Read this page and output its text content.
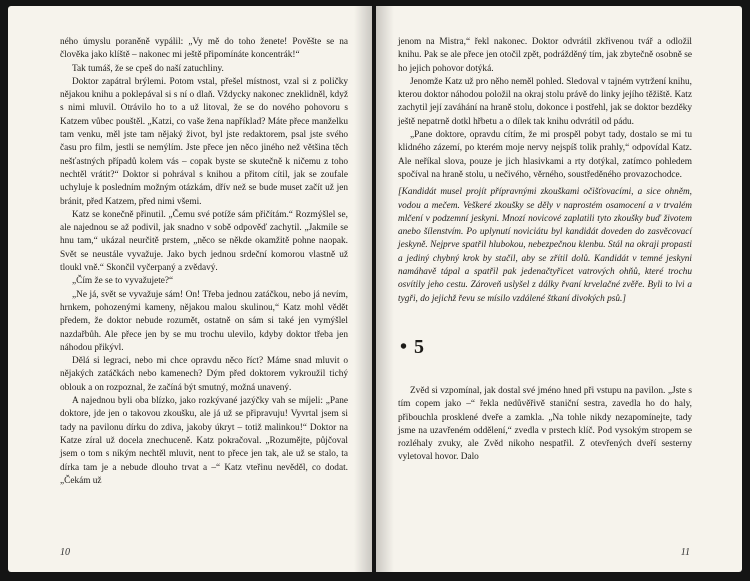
ného úmyslu poraněně vypálil: „Vy mě do toho ženete! Pověšte se na člověka jako klíště – nakonec mi ještě připomínáte koncentrák!“

Tak tumáš, že se cpeš do naší zatuchliny.

Doktor zapátral brýlemi. Potom vstal, přešel místnost, vzal si z poličky nějakou knihu a poklepával si s ní o dlaň. Vždycky nakonec zneklidněl, když s nimi mluvil. Otrávilo ho to a už litoval, že se do nového pohovoru s Katzem vůbec pouštěl. „Katzi, co vaše žena například? Máte přece manželku tam venku, měl jste tam nějaký život, byl jste redaktorem, psal jste svého času pro film, jestli se nemýlím. Jste přece jen něco jiného než většina těch nešťastných případů kolem vás – copak byste se skutečně k ničemu z toho nechtěl vrátit?“ Doktor si pohrával s knihou a přitom cítil, jak se zoufale uchyluje k posledním možným otázkám, dřív než se bude muset začít už jen bránit, před Katzem, před nimi všemi.

Katz se konečně přinutil. „Čemu své potíže sám přičítám.“ Rozmýšlel se, ale najednou se až podivil, jak snadno v sobě odpověď zachytil. „Jakmile se hnu tam,“ ukázal neurčitě prstem, „něco se někde okamžitě pohne naopak. Svět se neustále vyvažuje. Jako bych jednou srdeční komorou vlastně už tloukl vně.“ Skončil vyčerpaný a zvědavý.

„Čím že se to vyvažujete?“

„Ne já, svět se vyvažuje sám! On! Třeba jednou zatáčkou, nebo já nevím, hrnkem, pohozenými kameny, nějakou malou skulinou,“ Katz mohl vědět předem, že doktor nebude rozumět, ostatně on sám si také jen vymýšlel nazdařbůh. Ale přece jen by se mu trochu ulevilo, kdyby doktor třeba jen náhodou přikývl.

Dělá si legraci, nebo mi chce opravdu něco říct? Máme snad mluvit o nějakých zatáčkách nebo kamenech? Dým před doktorem vykroužil tichý oblouk a on rozpoznal, že začíná být smutný, možná unavený.

A najednou byli oba blízko, jako rozkývané jazýčky vah se míjeli: „Pane doktore, jde jen o takovou zkoušku, ale já už se připravuju! Vyvrtal jsem si tady na pavilonu dírku do zdiva, jakoby úkryt – totiž malinkou!“ Doktor na Katze zíral už docela znechuceně. Katz pokračoval. „Rozumějte, půjčoval jsem o tom s nikým nechtěl mluvit, nent to přece jen tak, ale už se stalo, ta dírka tam je a nebude dlouho trvat a –“ Katz vteřinu nevěděl, co dodat. „Čekám už

10

jenom na Mistra,“ řekl nakonec. Doktor odvrátil zkřivenou tvář a odložil knihu. Pak se ale přece jen otočil zpět, podrážděný tím, jak zbytečně osobně se ho jejich pohovor dotýká.

Jenomže Katz už pro něho neměl pohled. Sledoval v tajném vytržení knihu, kterou doktor náhodou položil na okraj stolu právě do linky jejího těžiště. Katz zachytil její zaváhání na hraně stolu, dokonce i postřehl, jak se doktor bezděky ještě nepatrně dotkl hřbetu a o dílek tak knihu odvrátil od pádu.

„Pane doktore, opravdu cítím, že mi prospěl pobyt tady, dostalo se mi tu klidného zázemí, po kterém moje nervy nejspíš tolik prahly,“ odpovídal Katz. Ale neříkal slova, pouze je jich hlasivkami a rty dotýkal, zatímco pohledem spočíval na hraně stolu, u nečivého, věrného, soustředěného provazochodce.

[Kandidát musel projít přípravnými zkouškami očišťovacími, a sice ohněm, vodou a mečem. Veškeré zkoušky se děly v naprostém osamocení a v trvalém mlčení v podzemní jeskyni. Mnozí novicové zaplatili tyto zkoušky buď životem anebo šílenstvím. Po uplynutí noviciátu byl kandidát doveden do zasvěcovací jeskyně. Nejprve spatřil hlubokou, nebezpečnou klenbu. Stál na okraji propasti a jediný chybný krok by stačil, aby se zřítil dolů. Kandidát v temné jeskyni namáhavě tápal a spatřil pak jedenačtyřicet vatrových ohňů, které trochu osvítily jeho cestu. Zároveň uslyšel z dálky řvaní krvelačné zvěře. Byli to lvi a tygři, do jejichž řevu se mísilo vzdálené štkaní divokých psů.]

• 5

Zvěd si vzpomínal, jak dostal své jméno hned při vstupu na pavilon. „Jste s tím copem jako –“ řekla nedůvěřivě staniční sestra, zavedla ho do haly, přibouchla prosklené dveře a zamkla. „Na tohle nikdy nezapomínejte, tady jsme na uzavřeném oddělení,“ zvedla v prstech klíč. Pod vysokým stropem se rozléhaly zvuky, ale Zvěd nikoho nespatřil. Z otevřených dveří sesterny vyletoval hovor. Dalo

11
